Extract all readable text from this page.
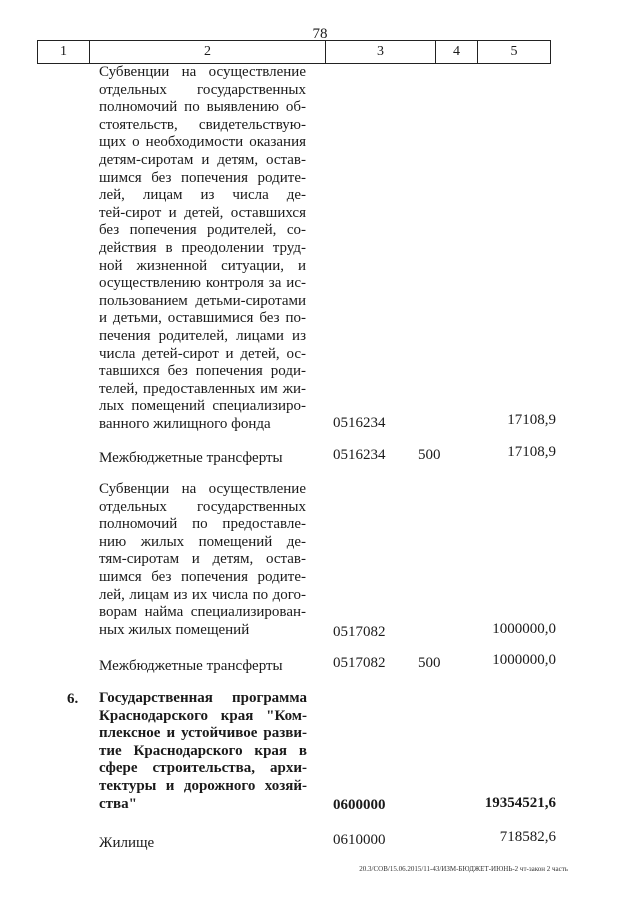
78
1	2	3	4	5
Субвенции на осуществление
отдельных государственных
полномочий по выявлению об-
стоятельств, свидетельствую-
щих о необходимости оказания
детям-сиротам и детям, остав-
шимся без попечения родите-
лей, лицам из числа де-
тей-сирот и детей, оставшихся
без попечения родителей, со-
действия в преодолении труд-
ной жизненной ситуации, и
осуществлению контроля за ис-
пользованием детьми-сиротами
и детьми, оставшимися без по-
печения родителей, лицами из
числа детей-сирот и детей, ос-
тавшихся без попечения роди-
телей, предоставленных им жи-
лых помещений специализиро-
ванного жилищного фонда	0516234	17108,9
Межбюджетные трансферты	0516234 500	17108,9
Субвенции на осуществление
отдельных государственных
полномочий по предоставле-
нию жилых помещений де-
тям-сиротам и детям, остав-
шимся без попечения родите-
лей, лицам из их числа по дого-
ворам найма специализирован-
ных жилых помещений	0517082	1000000,0
Межбюджетные трансферты	0517082 500	1000000,0
6. Государственная программа
Краснодарского края "Ком-
плексное и устойчивое разви-
тие Краснодарского края в
сфере строительства, архи-
тектуры и дорожного хозяй-
ства"	0600000	19354521,6
Жилище	0610000	718582,6
20.3/СОВ/15.06.2015/11-43/ИЗМ-БЮДЖЕТ-ИЮНЬ-2 чт-закон 2 часть
